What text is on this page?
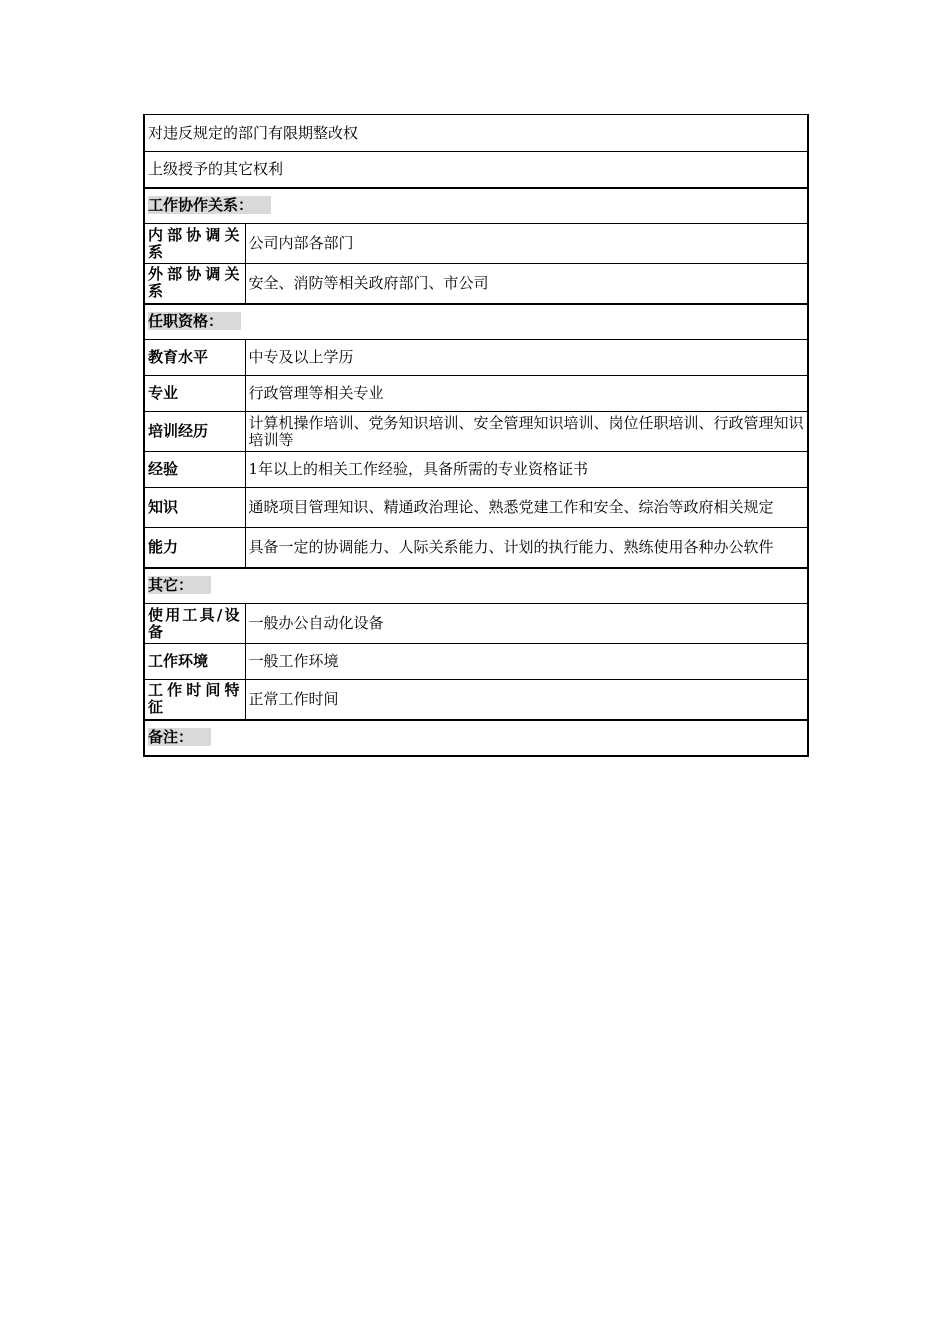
对违反规定的部门有限期整改权	
上级授予的其它权利	
工作协作关系：	
内部协调关系	公司内部各部门
外部协调关系	安全、消防等相关政府部门、市公司
任职资格：	
教育水平	中专及以上学历
专业	行政管理等相关专业
培训经历	计算机操作培训、党务知识培训、安全管理知识培训、岗位任职培训、行政管理知识培训等
经验	1年以上的相关工作经验，具备所需的专业资格证书
知识	通晓项目管理知识、精通政治理论、熟悉党建工作和安全、综治等政府相关规定
能力	具备一定的协调能力、人际关系能力、计划的执行能力、熟练使用各种办公软件
其它：	
使用工具/设备	一般办公自动化设备
工作环境	一般工作环境
工作时间特征	正常工作时间
备注：	
